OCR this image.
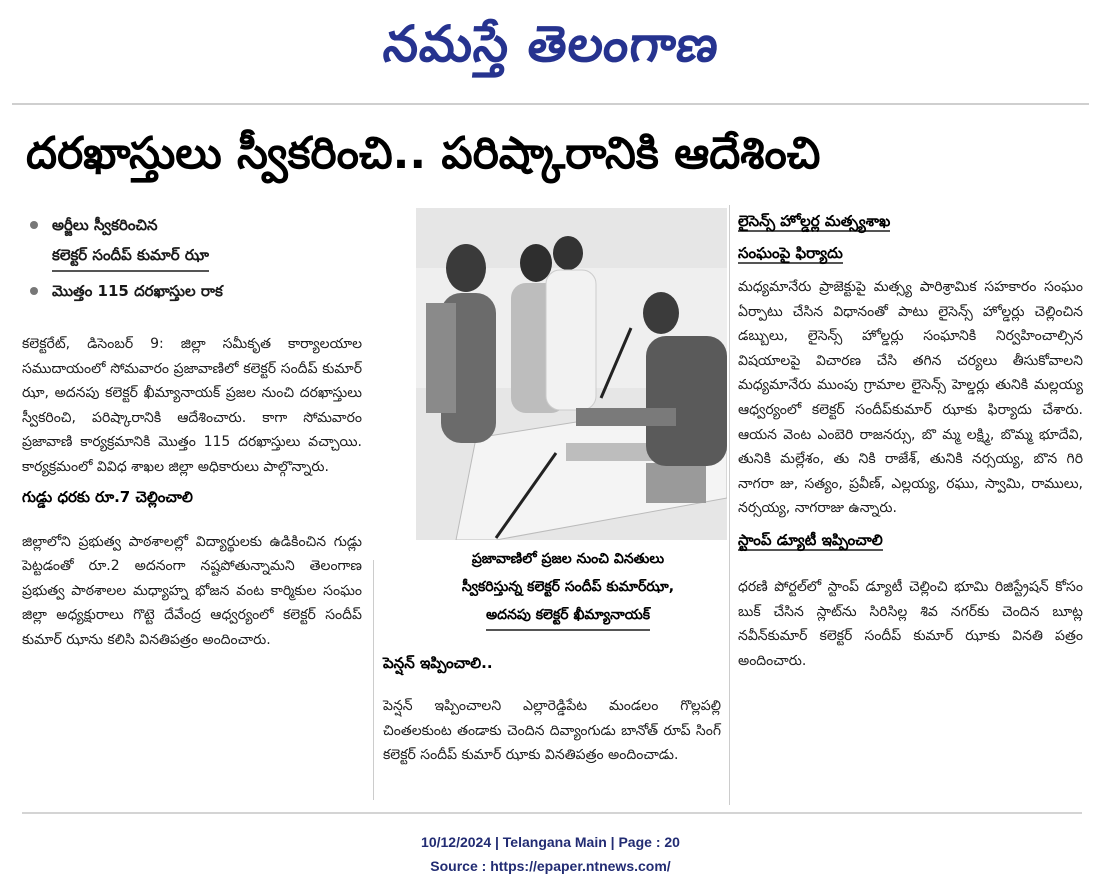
నమస్తే తెలంగాణ
దరఖాస్తులు స్వీకరించి.. పరిష్కారానికి ఆదేశించి
అర్జీలు స్వీకరించిన
కలెక్టర్ సందీప్ కుమార్ ఝా
మొత్తం 115 దరఖాస్తుల రాక

కలెక్టరేట్, డిసెంబర్ 9: జిల్లా సమీకృత కార్యాలయాల సముదాయంలో సోమవారం ప్రజావాణిలో కలెక్టర్ సందీప్ కుమార్ ఝా, అదనపు కలెక్టర్ ఖీమ్యానాయక్ ప్రజల నుంచి దరఖాస్తులు స్వీకరించి, పరిష్కారానికి ఆదేశించారు. కాగా సోమవారం ప్రజావాణి కార్యక్రమానికి మొత్తం 115 దరఖాస్తులు వచ్చాయి. కార్యక్రమంలో వివిధ శాఖల జిల్లా అధికారులు పాల్గొన్నారు.

గుడ్డు ధరకు రూ.7 చెల్లించాలి

జిల్లాలోని ప్రభుత్వ పాఠశాలల్లో విద్యార్థులకు ఉడికించిన గుడ్లు పెట్టడంతో రూ.2 అదనంగా నష్టపోతున్నామని తెలంగాణ ప్రభుత్వ పాఠశాలల మధ్యాహ్న భోజన వంట కార్మికుల సంఘం జిల్లా అధ్యక్షురాలు గొట్టె దేవేంద్ర ఆధ్వర్యంలో కలెక్టర్ సందీప్ కుమార్ ఝాను కలిసి వినతిపత్రం అందించారు.

ప్రజావాణిలో ప్రజల నుంచి వినతులు
స్వీకరిస్తున్న కలెక్టర్ సందీప్ కుమార్‌ఝా,
అదనపు కలెక్టర్ ఖీమ్యానాయక్
పెన్షన్ ఇప్పించాలి..

పెన్షన్ ఇప్పించాలని ఎల్లారెడ్డిపేట మండలం గొల్లపల్లి చింతలకుంట తండాకు చెందిన దివ్యాంగుడు బానోత్ రూప్ సింగ్ కలెక్టర్ సందీప్ కుమార్ ఝాకు వినతిపత్రం అందించాడు.

లైసెన్స్ హోల్డర్ల మత్స్యశాఖ
సంఘంపై ఫిర్యాదు

మధ్యమానేరు ప్రాజెక్టుపై మత్స్య పారిశ్రామిక సహకారం సంఘం ఏర్పాటు చేసిన విధానంతో పాటు లైసెన్స్ హోల్డర్లు చెల్లించిన డబ్బులు, లైసెన్స్ హోల్డర్లు సంఘానికి నిర్వహించాల్సిన విషయాలపై విచారణ చేసి తగిన చర్యలు తీసుకోవాలని మధ్యమానేరు ముంపు గ్రామాల లైసెన్స్ హెల్డర్లు తునికి మల్లయ్య ఆధ్వర్యంలో కలెక్టర్ సందీప్‌కుమార్ ఝాకు ఫిర్యాదు చేశారు. ఆయన వెంట ఎంబెరి రాజనర్సు, బొ మ్మ లక్ష్మి, బొమ్మ భూదేవి, తునికి మల్లేశం, తు నికి రాజేశ్, తునికి నర్సయ్య, బొన గిరి నాగరా జు, సత్యం, ప్రవీణ్, ఎల్లయ్య, రఘు, స్వామి, రాములు, నర్సయ్య, నాగరాజు ఉన్నారు.

స్టాంప్ డ్యూటీ ఇప్పించాలి

ధరణి పోర్టల్‌లో స్టాంప్ డ్యూటీ చెల్లించి భూమి రిజిస్ట్రేషన్ కోసం బుక్ చేసిన స్లాట్‌ను సిరిసిల్ల శివ నగర్‌కు చెందిన బూట్ల నవీన్‌కుమార్ కలెక్టర్ సందీప్ కుమార్ ఝాకు వినతి పత్రం అందించారు.

10/12/2024 | Telangana Main | Page : 20
Source : https://epaper.ntnews.com/
